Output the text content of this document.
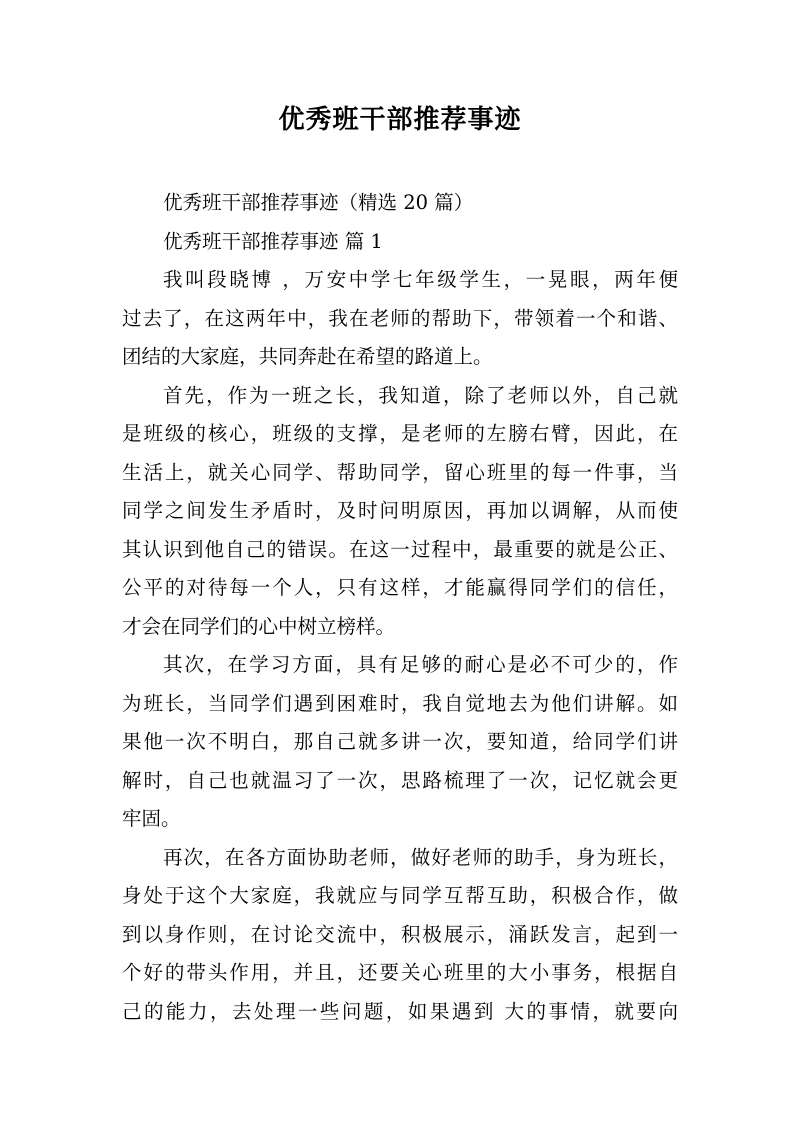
优秀班干部推荐事迹
优秀班干部推荐事迹（精选 20 篇）
优秀班干部推荐事迹 篇 1
我叫段晓博 ，万安中学七年级学生，一晃眼，两年便
过去了，在这两年中，我在老师的帮助下，带领着一个和谐、
团结的大家庭，共同奔赴在希望的路道上。
首先，作为一班之长，我知道，除了老师以外，自己就
是班级的核心，班级的支撑，是老师的左膀右臂，因此，在
生活上，就关心同学、帮助同学，留心班里的每一件事，当
同学之间发生矛盾时，及时问明原因，再加以调解，从而使
其认识到他自己的错误。在这一过程中，最重要的就是公正、
公平的对待每一个人，只有这样，才能赢得同学们的信任，
才会在同学们的心中树立榜样。
其次，在学习方面，具有足够的耐心是必不可少的，作
为班长，当同学们遇到困难时，我自觉地去为他们讲解。如
果他一次不明白，那自己就多讲一次，要知道，给同学们讲
解时，自己也就温习了一次，思路梳理了一次，记忆就会更
牢固。
再次，在各方面协助老师，做好老师的助手，身为班长，
身处于这个大家庭，我就应与同学互帮互助，积极合作，做
到以身作则，在讨论交流中，积极展示，涌跃发言，起到一
个好的带头作用，并且，还要关心班里的大小事务，根据自
己的能力，去处理一些问题，如果遇到 大的事情，就要向
